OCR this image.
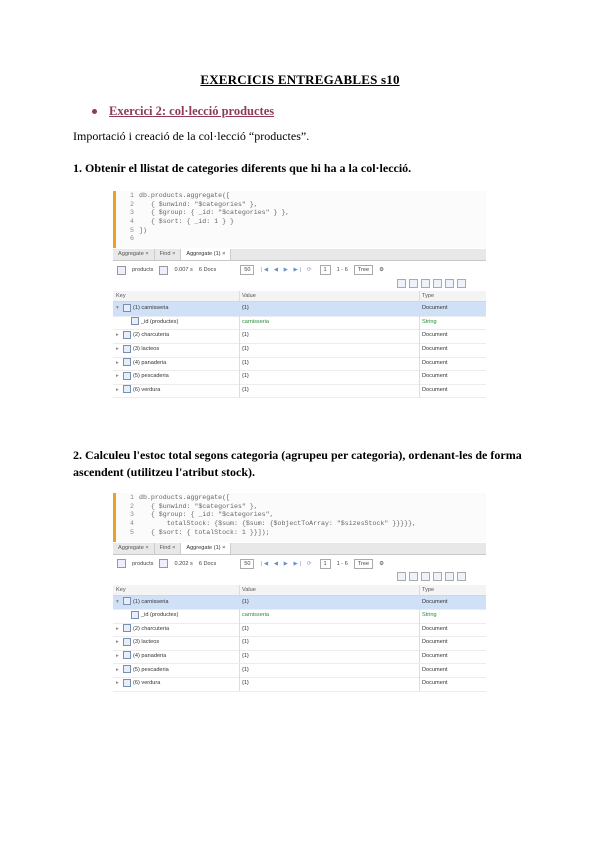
EXERCICIS ENTREGABLES s10
Exercici 2: col·lecció productes
Importació i creació de la col·lecció “productes”.
1. Obtenir el llistat de categories diferents que hi ha a la col·lecció.
1 db.products.aggregate([
2   { $unwind: "$categories" },
3   { $group: { _id: "$categories" } },
4   { $sort: { _id: 1 } }
5 ])
6
Aggregate ×	Find ×	Aggregate (1) ×
products	0.007 s 6 Docs	50	|◀ ◀ ▶ ▶| ⟳	1	1 - 6	Tree	⚙
Key	Value	Type
▾	(1) carnisseria	{1}	Document
_id (productes)	carnisseria	String
▸	(2) charcuteria	{1}	Document
▸	(3) lacteos	{1}	Document
▸	(4) panaderia	{1}	Document
▸	(5) pescaderia	{1}	Document
▸	(6) verdura	{1}	Document
2. Calculeu l'estoc total segons categoria (agrupeu per categoria), ordenant-les de forma ascendent (utilitzeu l'atribut stock).
1 db.products.aggregate([
2   { $unwind: "$categories" },
3   { $group: { _id: "$categories",
4       totalStock: {$sum: {$sum: {$objectToArray: "$sizesStock" }}}}},
5   { $sort: { totalStock: 1 }}]);
Aggregate ×	Find ×	Aggregate (1) ×
products	0.202 s 6 Docs	50	|◀ ◀ ▶ ▶| ⟳	1	1 - 6	Tree	⚙
Key	Value	Type
▾	(1) carnisseria	{1}	Document
_id (productes)	carnisseria	String
▸	(2) charcuteria	{1}	Document
▸	(3) lacteos	{1}	Document
▸	(4) panaderia	{1}	Document
▸	(5) pescaderia	{1}	Document
▸	(6) verdura	{1}	Document
